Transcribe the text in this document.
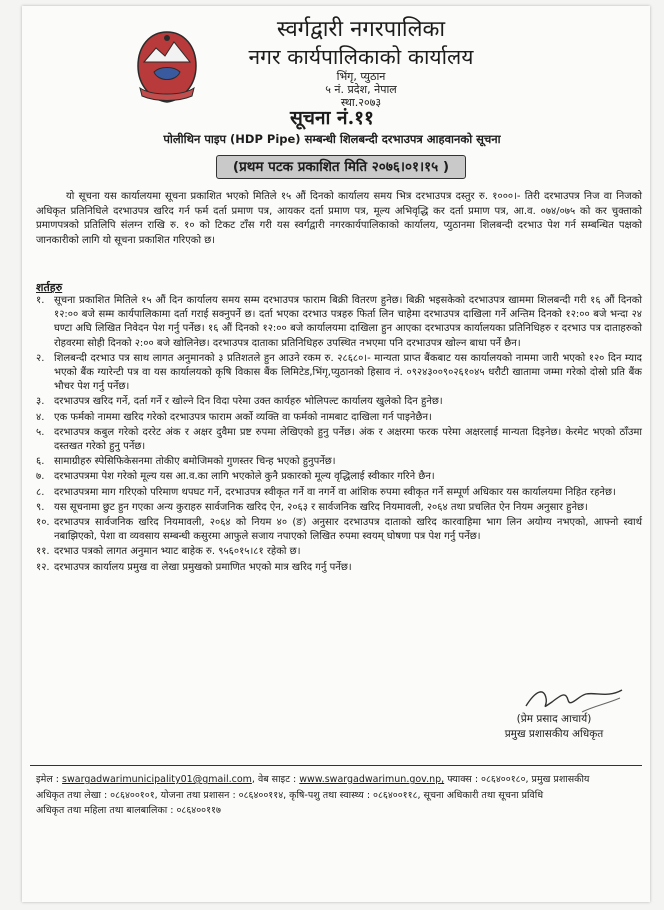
स्वर्गद्वारी नगरपालिका
नगर कार्यपालिकाको कार्यालय
भिंगृ, प्युठान
५ नं. प्रदेश, नेपाल
स्था.२०७३
सूचना नं.११
पोलीथिन पाइप (HDP Pipe) सम्बन्धी शिलबन्दी दरभाउपत्र आहवानको सूचना
(प्रथम पटक प्रकाशित मिति २०७६।०१।१५ )
यो सूचना यस कार्यालयमा सूचना प्रकाशित भएको मितिले १५ औं दिनको कार्यालय समय भित्र दरभाउपत्र दस्तुर रु. १०००।- तिरी दरभाउपत्र निज वा निजको अधिकृत प्रतिनिधिले दरभाउपत्र खरिद गर्न फर्म दर्ता प्रमाण पत्र, आयकर दर्ता प्रमाण पत्र, मूल्य अभिवृद्धि कर दर्ता प्रमाण पत्र, आ.व. ०७४/०७५ को कर चुक्ताको प्रमाणपत्रको प्रतिलिपि संलग्न राखि रु. १० को टिकट टाँस गरी यस स्वर्गद्वारी नगरकार्यपालिकाको कार्यालय, प्युठानमा शिलबन्दी दरभाउ पेश गर्न सम्बन्धित पक्षको जानकारीको लागि यो सूचना प्रकाशित गरिएको छ।
शर्तहरु
१. सूचना प्रकाशित मितिले १५ औं दिन कार्यालय समय सम्म दरभाउपत्र फाराम बिक्री वितरण हुनेछ। बिक्री भइसकेको दरभाउपत्र खाममा शिलबन्दी गरी १६ औं दिनको १२:०० बजे सम्म कार्यपालिकामा दर्ता गराई सक्नुपर्ने छ। दर्ता भएका दरभाउ पत्रहरु फिर्ता लिन चाहेमा दरभाउपत्र दाखिला गर्ने अन्तिम दिनको १२:०० बजे भन्दा २४ घण्टा अघि लिखित निवेदन पेश गर्नु पर्नेछ। १६ औं दिनको १२:०० बजे कार्यालयमा दाखिला हुन आएका दरभाउपत्र कार्यालयका प्रतिनिधिहरु र दरभाउ पत्र दाताहरुको रोहवरमा सोही दिनको २:०० बजे खोलिनेछ। दरभाउपत्र दाताका प्रतिनिधिहरु उपस्थित नभएमा पनि दरभाउपत्र खोल्न बाधा पर्ने छैन।
२. शिलबन्दी दरभाउ पत्र साथ लागत अनुमानको ३ प्रतिशतले हुन आउने रकम रु. २८६८०।- मान्यता प्राप्त बैंकबाट यस कार्यालयको नाममा जारी भएको १२० दिन म्याद भएको बैंक ग्यारेन्टी पत्र वा यस कार्यालयको कृषि विकास बैंक लिमिटेड,भिंगृ,प्युठानको हिसाव नं. ०९२४३००९०२६१०४५ धरौटी खातामा जम्मा गरेको दोस्रो प्रति बैंक भौचर पेश गर्नु पर्नेछ।
३. दरभाउपत्र खरिद गर्ने, दर्ता गर्ने र खोल्ने दिन विदा परेमा उक्त कार्यहरु भोलिपल्ट कार्यालय खुलेको दिन हुनेछ।
४. एक फर्मको नाममा खरिद गरेको दरभाउपत्र फाराम अर्को व्यक्ति वा फर्मको नामबाट दाखिला गर्न पाइनेछैन।
५. दरभाउपत्र कबुल गरेको दररेट अंक र अक्षर दुवैमा प्रष्ट रुपमा लेखिएको हुनु पर्नेछ। अंक र अक्षरमा फरक परेमा अक्षरलाई मान्यता दिइनेछ। केरमेट भएको ठाँउमा दस्तखत गरेको हुनु पर्नेछ।
६. सामाग्रीहरु स्पेसिफिकेसनमा तोकीए बमोजिमको गुणस्तर चिन्ह भएको हुनुपर्नेछ।
७. दरभाउपत्रमा पेश गरेको मूल्य यस आ.व.का लागि भएकोले कुनै प्रकारको मूल्य वृद्धिलाई स्वीकार गरिने छैन।
८. दरभाउपत्रमा माग गरिएको परिमाण थपघट गर्ने, दरभाउपत्र स्वीकृत गर्ने वा नगर्ने वा आंशिक रुपमा स्वीकृत गर्ने सम्पूर्ण अधिकार यस कार्यालयमा निहित रहनेछ।
९. यस सूचनामा छुट हुन गएका अन्य कुराहरु सार्वजनिक खरिद ऐन, २०६३ र सार्वजनिक खरिद नियमावली, २०६४ तथा प्रचलित ऐन नियम अनुसार हुनेछ।
१०. दरभाउपत्र सार्वजनिक खरिद नियमावली, २०६४ को नियम ४० (ङ) अनुसार दरभाउपत्र दाताको खरिद कारवाहिमा भाग लिन अयोग्य नभएको, आफ्नो स्वार्थ नबाझिएको, पेशा वा व्यवसाय सम्बन्धी कसुरमा आफुले सजाय नपाएको लिखित रुपमा स्वयम् घोषणा पत्र पेश गर्नु पर्नेछ।
११. दरभाउ पत्रको लागत अनुमान भ्याट बाहेक रु. ९५६०१५।८१ रहेको छ।
१२. दरभाउपत्र कार्यालय प्रमुख वा लेखा प्रमुखको प्रमाणित भएको मात्र खरिद गर्नु पर्नेछ।
(प्रेम प्रसाद आचार्य)
प्रमुख प्रशासकीय अधिकृत
इमेल : swargadwarimunicipality01@gmail.com, वेब साइट : www.swargadwarimun.gov.np, फ्याक्स : ०८६४००१८०, प्रमुख प्रशासकीय
अधिकृत तथा लेखा : ०८६४००१०१, योजना तथा प्रशासन : ०८६४००११४, कृषि-पशु तथा स्वास्थ्य : ०८६४००११८, सूचना अधिकारी तथा सूचना प्रविधि
अधिकृत तथा महिला तथा बालबालिका : ०८६४००११७
